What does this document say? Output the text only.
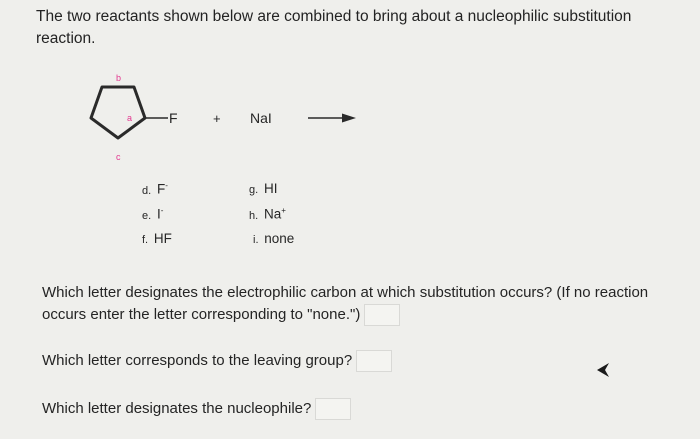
The two reactants shown below are combined to bring about a nucleophilic substitution reaction.

F
b
a
c
+ NaI
d. F-
e. I-
f. HF
g. HI
h. Na+
i. none

Which letter designates the electrophilic carbon at which substitution occurs? (If no reaction occurs enter the letter corresponding to "none.")

Which letter corresponds to the leaving group?

Which letter designates the nucleophile?
